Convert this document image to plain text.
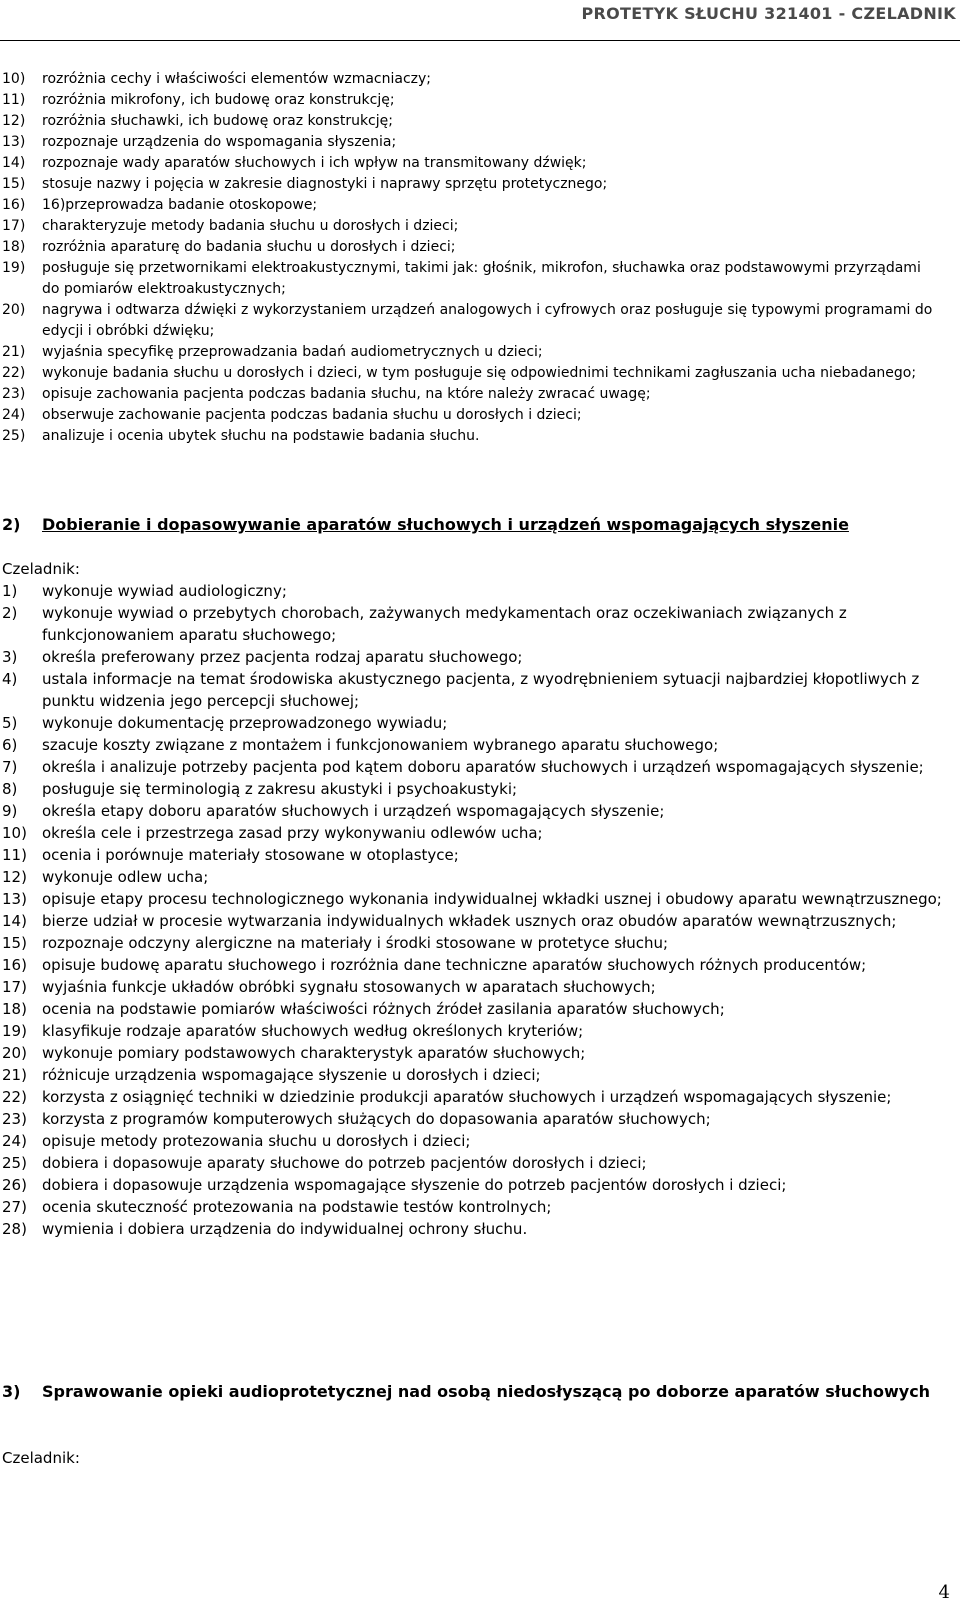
PROTETYK SŁUCHU 321401 - CZELADNIK
10)	rozróżnia cechy i właściwości elementów wzmacniaczy;
11)	rozróżnia mikrofony, ich budowę oraz konstrukcję;
12)	rozróżnia słuchawki, ich budowę oraz konstrukcję;
13)	rozpoznaje urządzenia do wspomagania słyszenia;
14)	rozpoznaje wady aparatów słuchowych i ich wpływ na transmitowany dźwięk;
15)	stosuje nazwy i pojęcia w zakresie diagnostyki i naprawy sprzętu protetycznego;
16)	16)przeprowadza badanie otoskopowe;
17)	charakteryzuje metody badania słuchu u dorosłych i dzieci;
18)	rozróżnia aparaturę do badania słuchu u dorosłych i dzieci;
19)	posługuje się przetwornikami elektroakustycznymi, takimi jak: głośnik, mikrofon, słuchawka oraz podstawowymi przyrządami do pomiarów elektroakustycznych;
20)	nagrywa i odtwarza dźwięki z wykorzystaniem urządzeń analogowych i cyfrowych oraz posługuje się typowymi programami do edycji i obróbki dźwięku;
21)	wyjaśnia specyfikę przeprowadzania badań audiometrycznych u dzieci;
22)	wykonuje badania słuchu u dorosłych i dzieci, w tym posługuje się odpowiednimi technikami zagłuszania ucha niebadanego;
23)	opisuje zachowania pacjenta podczas badania słuchu, na które należy zwracać uwagę;
24)	obserwuje zachowanie pacjenta podczas badania słuchu u dorosłych i dzieci;
25)	analizuje i ocenia ubytek słuchu na podstawie badania słuchu.
2)	Dobieranie i dopasowywanie aparatów słuchowych i urządzeń wspomagających słyszenie
Czeladnik:
1)	wykonuje wywiad audiologiczny;
2)	wykonuje wywiad o przebytych chorobach, zażywanych medykamentach oraz oczekiwaniach związanych z funkcjonowaniem aparatu słuchowego;
3)	określa preferowany przez pacjenta rodzaj aparatu słuchowego;
4)	ustala informacje na temat środowiska akustycznego pacjenta, z wyodrębnieniem sytuacji najbardziej kłopotliwych z punktu widzenia jego percepcji słuchowej;
5)	wykonuje dokumentację przeprowadzonego wywiadu;
6)	szacuje koszty związane z montażem i funkcjonowaniem wybranego aparatu słuchowego;
7)	określa i analizuje potrzeby pacjenta pod kątem doboru aparatów słuchowych i urządzeń wspomagających słyszenie;
8)	posługuje się terminologią z zakresu akustyki i psychoakustyki;
9)	określa etapy doboru aparatów słuchowych i urządzeń wspomagających słyszenie;
10)	określa cele i przestrzega zasad przy wykonywaniu odlewów ucha;
11)	ocenia i porównuje materiały stosowane w otoplastyce;
12)	wykonuje odlew ucha;
13)	opisuje etapy procesu technologicznego wykonania indywidualnej wkładki usznej i obudowy aparatu wewnątrzusznego;
14)	bierze udział w procesie wytwarzania indywidualnych wkładek usznych oraz obudów aparatów wewnątrzusznych;
15)	rozpoznaje odczyny alergiczne na materiały i środki stosowane w protetyce słuchu;
16)	opisuje budowę aparatu słuchowego i rozróżnia dane techniczne aparatów słuchowych różnych producentów;
17)	wyjaśnia funkcje układów obróbki sygnału stosowanych w aparatach słuchowych;
18)	ocenia na podstawie pomiarów właściwości różnych źródeł zasilania aparatów słuchowych;
19)	klasyfikuje rodzaje aparatów słuchowych według określonych kryteriów;
20)	wykonuje pomiary podstawowych charakterystyk aparatów słuchowych;
21)	różnicuje urządzenia wspomagające słyszenie u dorosłych i dzieci;
22)	korzysta z osiągnięć techniki w dziedzinie produkcji aparatów słuchowych i urządzeń wspomagających słyszenie;
23)	korzysta z programów komputerowych służących do dopasowania aparatów słuchowych;
24)	opisuje metody protezowania słuchu u dorosłych i dzieci;
25)	dobiera i dopasowuje aparaty słuchowe do potrzeb pacjentów dorosłych i dzieci;
26)	dobiera i dopasowuje urządzenia wspomagające słyszenie do potrzeb pacjentów dorosłych i dzieci;
27)	ocenia skuteczność protezowania na podstawie testów kontrolnych;
28)	wymienia i dobiera urządzenia do indywidualnej ochrony słuchu.
3)	Sprawowanie opieki audioprotetycznej nad osobą niedosłyszącą po doborze aparatów słuchowych
Czeladnik:
4
